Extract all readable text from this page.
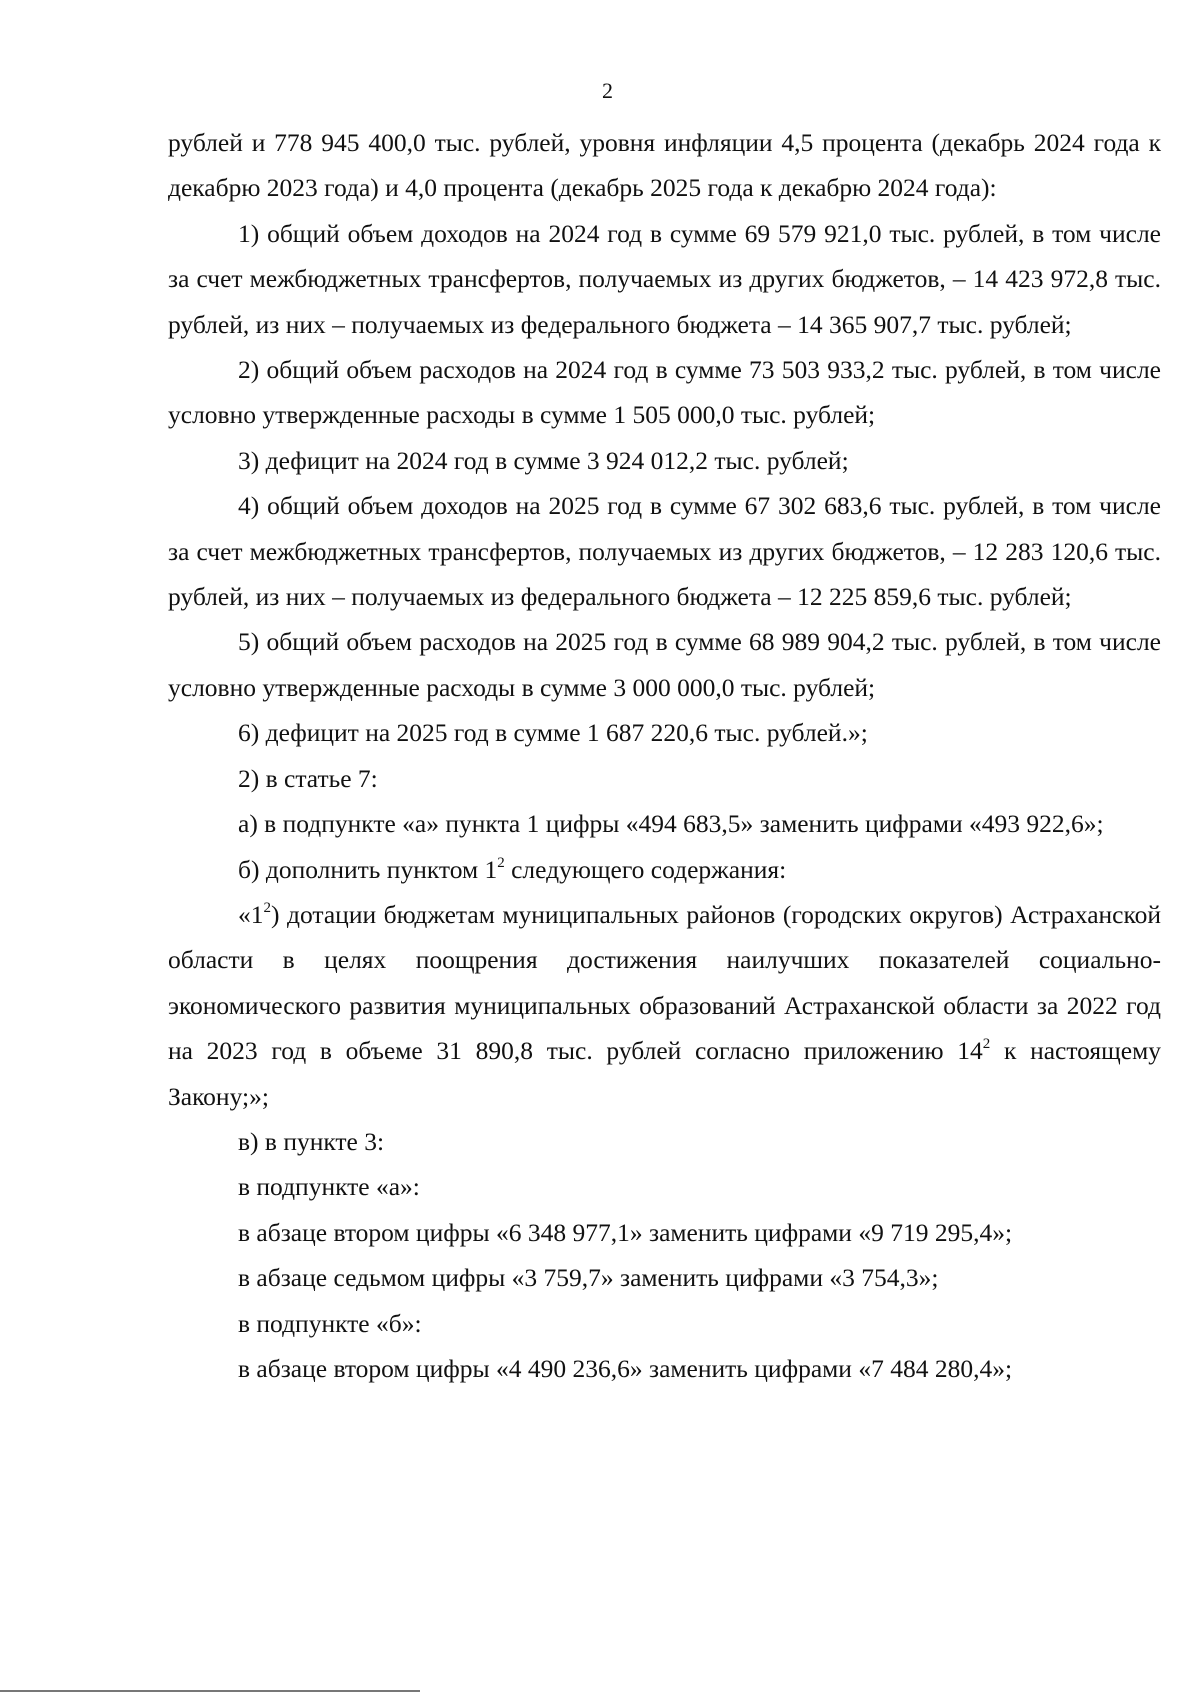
2

рублей и 778 945 400,0 тыс. рублей, уровня инфляции 4,5 процента (декабрь 2024 года к декабрю 2023 года) и 4,0 процента (декабрь 2025 года к декабрю 2024 года):

1) общий объем доходов на 2024 год в сумме 69 579 921,0 тыс. рублей, в том числе за счет межбюджетных трансфертов, получаемых из других бюджетов, – 14 423 972,8 тыс. рублей, из них – получаемых из федерального бюджета – 14 365 907,7 тыс. рублей;

2) общий объем расходов на 2024 год в сумме 73 503 933,2 тыс. рублей, в том числе условно утвержденные расходы в сумме 1 505 000,0 тыс. рублей;

3) дефицит на 2024 год в сумме 3 924 012,2 тыс. рублей;

4) общий объем доходов на 2025 год в сумме 67 302 683,6 тыс. рублей, в том числе за счет межбюджетных трансфертов, получаемых из других бюджетов, – 12 283 120,6 тыс. рублей, из них – получаемых из федерального бюджета – 12 225 859,6 тыс. рублей;

5) общий объем расходов на 2025 год в сумме 68 989 904,2 тыс. рублей, в том числе условно утвержденные расходы в сумме 3 000 000,0 тыс. рублей;

6) дефицит на 2025 год в сумме 1 687 220,6 тыс. рублей.»;

2) в статье 7:

а) в подпункте «а» пункта 1 цифры «494 683,5» заменить цифрами «493 922,6»;

б) дополнить пунктом $1^2$ следующего содержания:

«$1^2$) дотации бюджетам муниципальных районов (городских округов) Астраханской области в целях поощрения достижения наилучших показателей социально-экономического развития муниципальных образований Астраханской области за 2022 год на 2023 год в объеме 31 890,8 тыс. рублей согласно приложению $14^2$ к настоящему Закону;»;

в) в пункте 3:

в подпункте «а»:

в абзаце втором цифры «6 348 977,1» заменить цифрами «9 719 295,4»;

в абзаце седьмом цифры «3 759,7» заменить цифрами «3 754,3»;

в подпункте «б»:

в абзаце втором цифры «4 490 236,6» заменить цифрами «7 484 280,4»;
